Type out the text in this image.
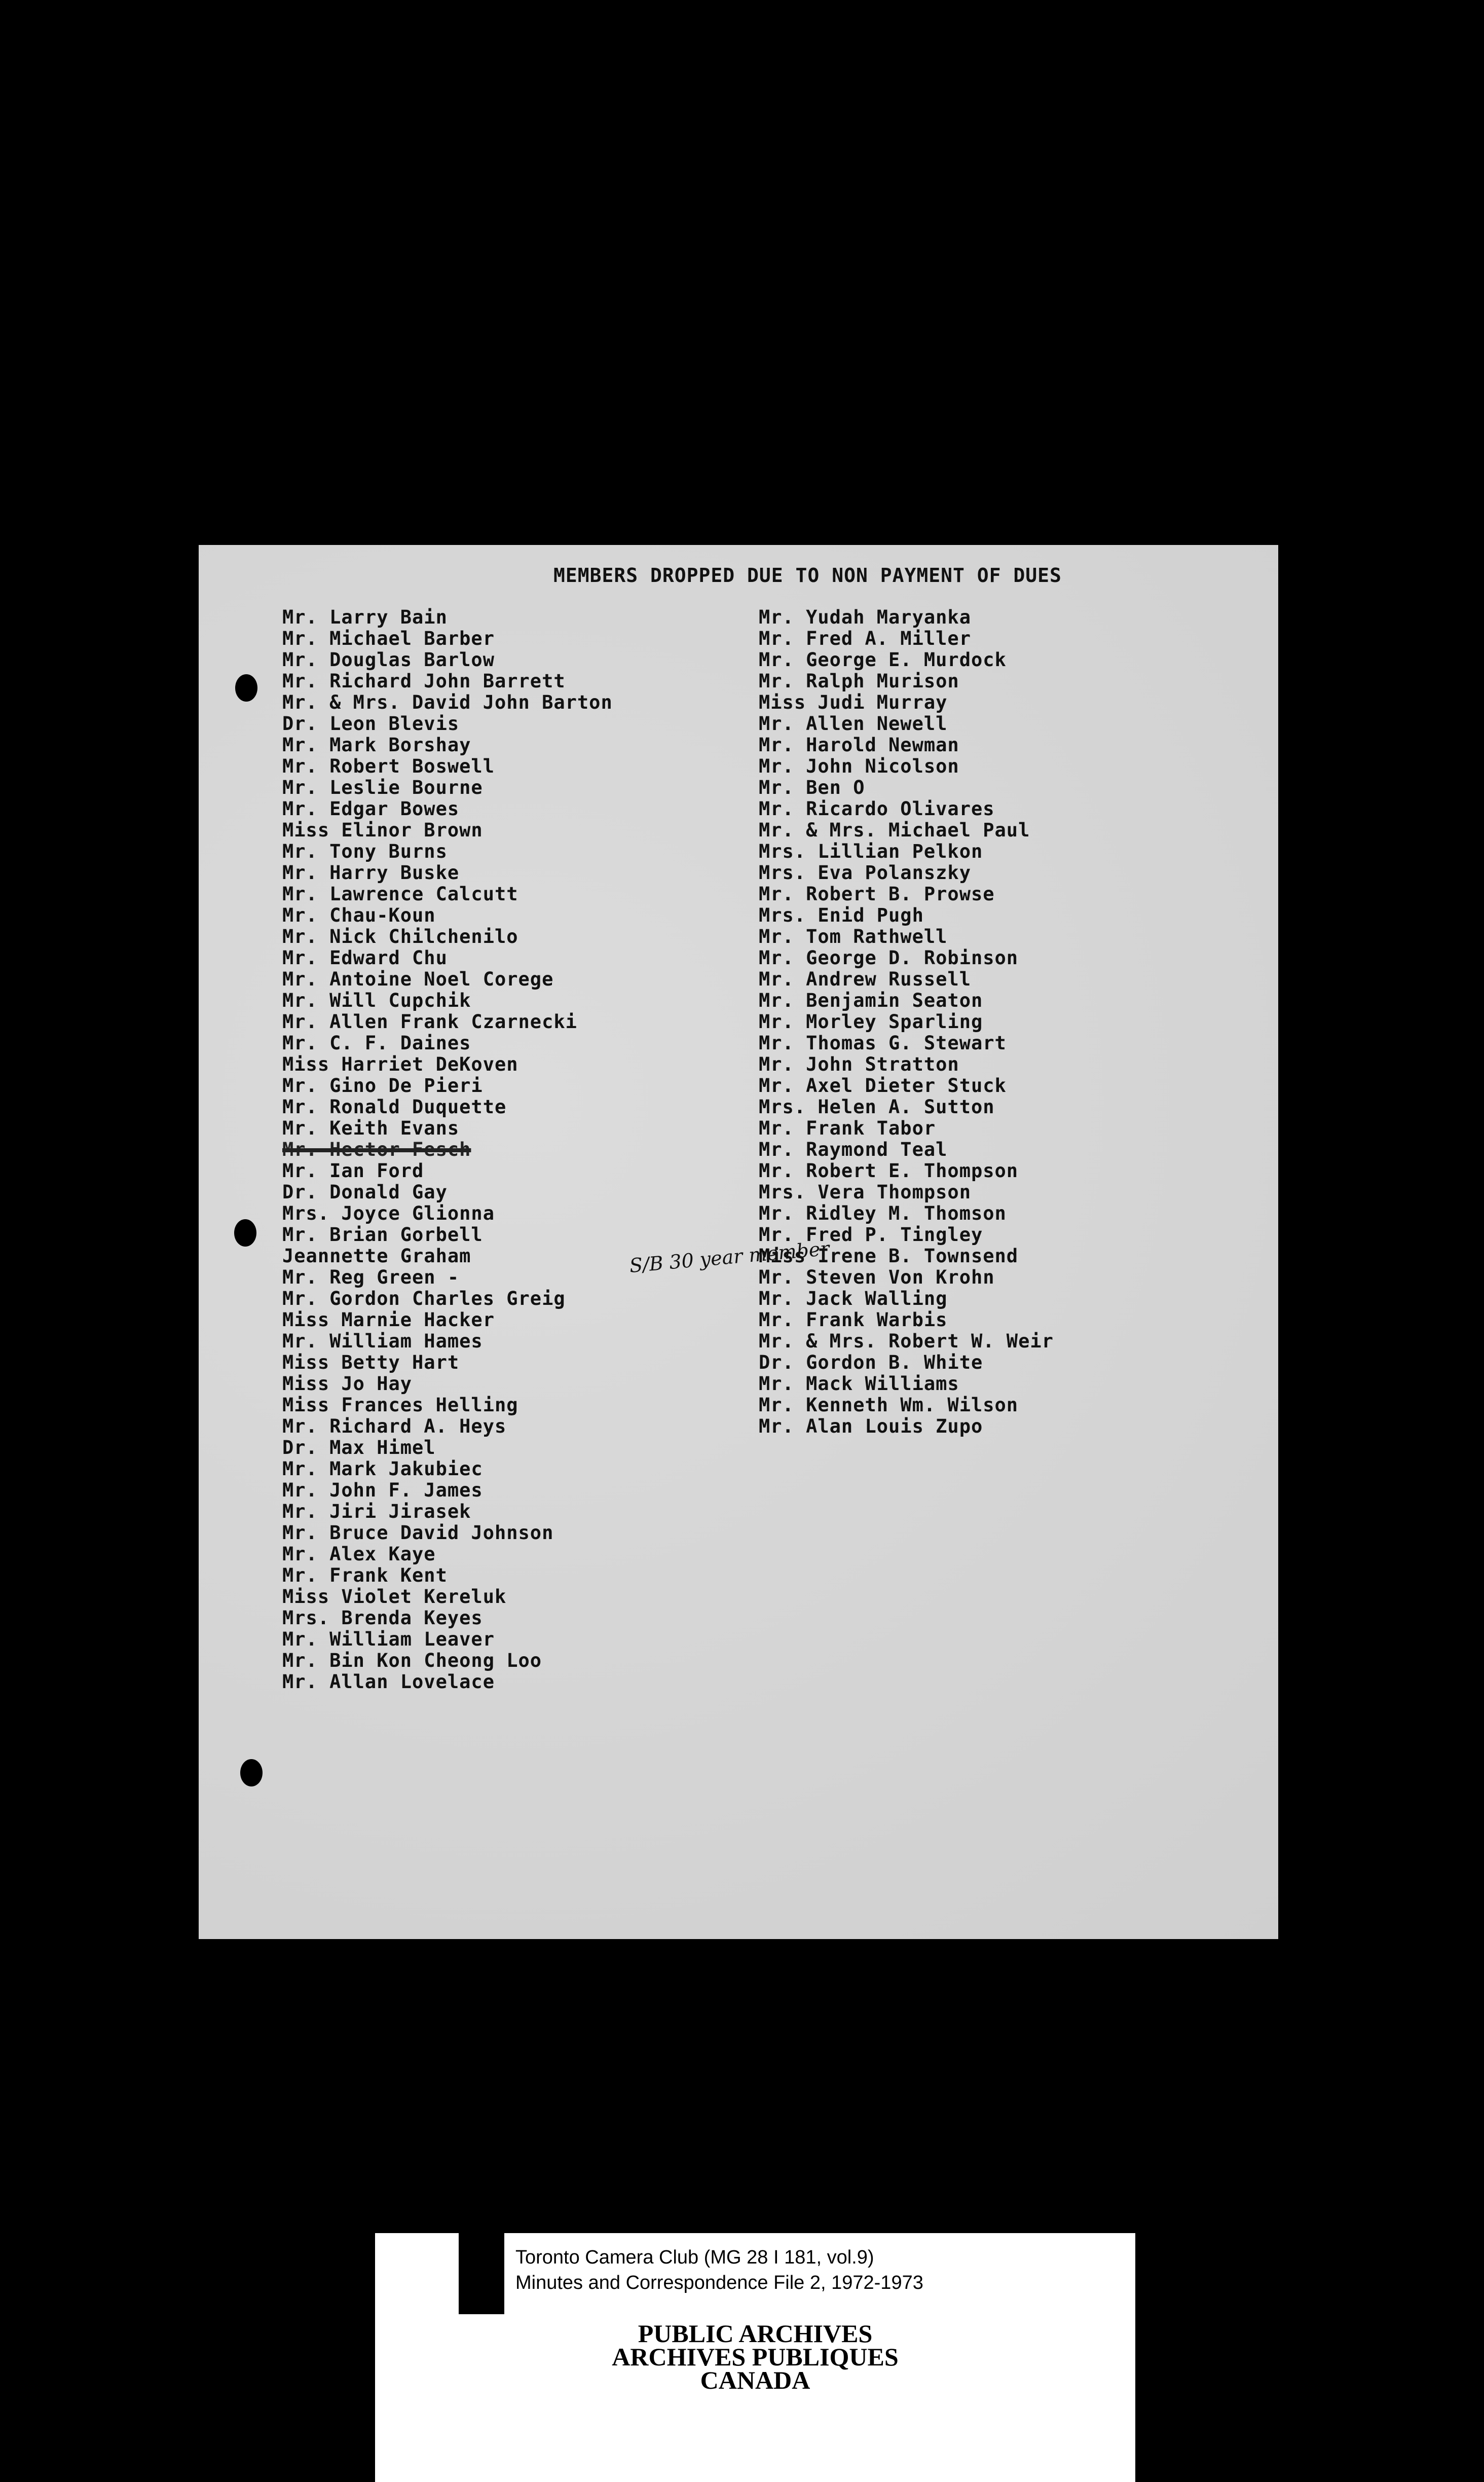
MEMBERS DROPPED DUE TO NON PAYMENT OF DUES
Mr. Larry Bain
Mr. Michael Barber
Mr. Douglas Barlow
Mr. Richard John Barrett
Mr. & Mrs. David John Barton
Dr. Leon Blevis
Mr. Mark Borshay
Mr. Robert Boswell
Mr. Leslie Bourne
Mr. Edgar Bowes
Miss Elinor Brown
Mr. Tony Burns
Mr. Harry Buske
Mr. Lawrence Calcutt
Mr. Chau-Koun
Mr. Nick Chilchenilo
Mr. Edward Chu
Mr. Antoine Noel Corege
Mr. Will Cupchik
Mr. Allen Frank Czarnecki
Mr. C. F. Daines
Miss Harriet DeKoven
Mr. Gino De Pieri
Mr. Ronald Duquette
Mr. Keith Evans
Mr. Hector Fesch
Mr. Ian Ford
Dr. Donald Gay
Mrs. Joyce Glionna
Mr. Brian Gorbell
Jeannette Graham
Mr. Reg Green -
Mr. Gordon Charles Greig
Miss Marnie Hacker
Mr. William Hames
Miss Betty Hart
Miss Jo Hay
Miss Frances Helling
Mr. Richard A. Heys
Dr. Max Himel
Mr. Mark Jakubiec
Mr. John F. James
Mr. Jiri Jirasek
Mr. Bruce David Johnson
Mr. Alex Kaye
Mr. Frank Kent
Miss Violet Kereluk
Mrs. Brenda Keyes
Mr. William Leaver
Mr. Bin Kon Cheong Loo
Mr. Allan Lovelace
Mr. Yudah Maryanka
Mr. Fred A. Miller
Mr. George E. Murdock
Mr. Ralph Murison
Miss Judi Murray
Mr. Allen Newell
Mr. Harold Newman
Mr. John Nicolson
Mr. Ben O
Mr. Ricardo Olivares
Mr. & Mrs. Michael Paul
Mrs. Lillian Pelkon
Mrs. Eva Polanszky
Mr. Robert B. Prowse
Mrs. Enid Pugh
Mr. Tom Rathwell
Mr. George D. Robinson
Mr. Andrew Russell
Mr. Benjamin Seaton
Mr. Morley Sparling
Mr. Thomas G. Stewart
Mr. John Stratton
Mr. Axel Dieter Stuck
Mrs. Helen A. Sutton
Mr. Frank Tabor
Mr. Raymond Teal
Mr. Robert E. Thompson
Mrs. Vera Thompson
Mr. Ridley M. Thomson
Mr. Fred P. Tingley
Miss Irene B. Townsend
Mr. Steven Von Krohn
Mr. Jack Walling
Mr. Frank Warbis
Mr. & Mrs. Robert W. Weir
Dr. Gordon B. White
Mr. Mack Williams
Mr. Kenneth Wm. Wilson
Mr. Alan Louis Zupo
S/B 30 year member
Toronto Camera Club (MG 28 I 181, vol.9)
Minutes and Correspondence File 2, 1972-1973
PUBLIC ARCHIVES
ARCHIVES PUBLIQUES
CANADA
